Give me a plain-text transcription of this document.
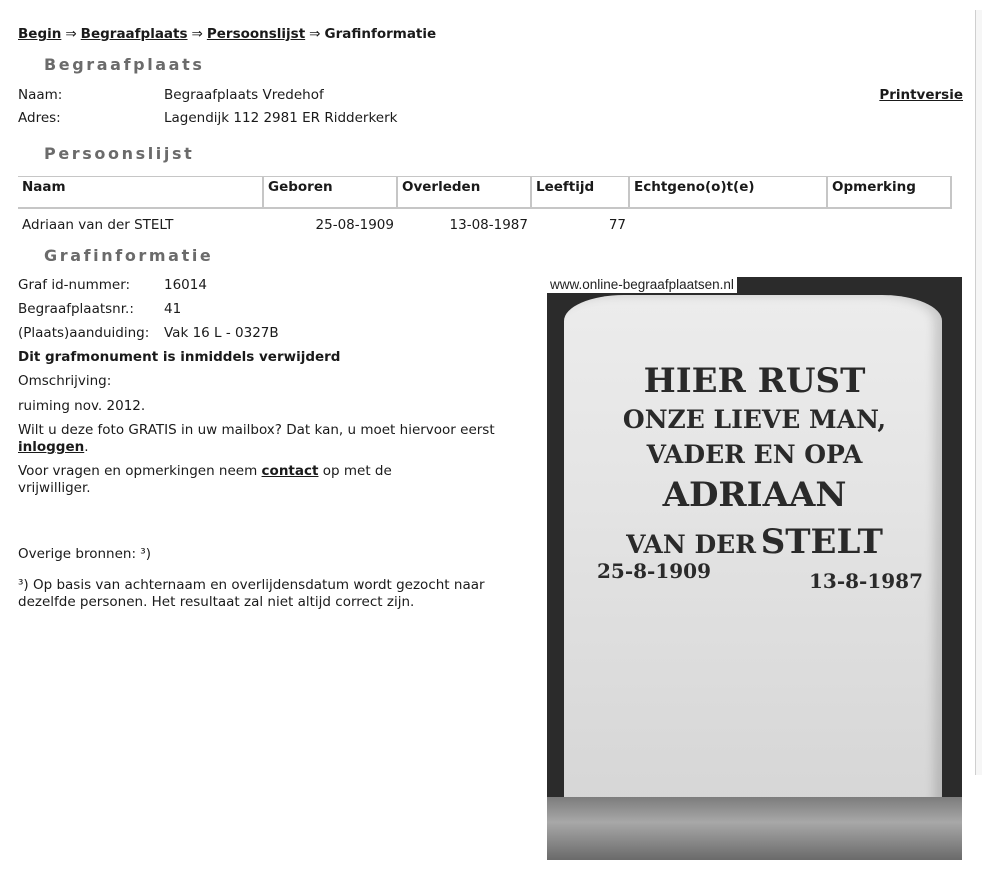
Begin ⇒ Begraafplaats ⇒ Persoonslijst ⇒ Grafinformatie
Begraafplaats
Naam:	Begraafplaats Vredehof	Printversie
Adres:	Lagendijk 112 2981 ER Ridderkerk
Persoonslijst
Naam	Geboren	Overleden	Leeftijd	Echtgeno(o)t(e)	Opmerking
Adriaan van der STELT	25-08-1909	13-08-1987	77		
Grafinformatie
Graf id-nummer:	16014
Begraafplaatsnr.: 41
(Plaats)aanduiding: Vak 16 L - 0327B
Dit grafmonument is inmiddels verwijderd
Omschrijving:
ruiming nov. 2012.
Wilt u deze foto GRATIS in uw mailbox? Dat kan, u moet hiervoor eerst inloggen.
Voor vragen en opmerkingen neem contact op met de vrijwilliger.
Overige bronnen: ³)
³) Op basis van achternaam en overlijdensdatum wordt gezocht naar dezelfde personen. Het resultaat zal niet altijd correct zijn.
www.online-begraafplaatsen.nl
HIER RUST
ONZE LIEVE MAN,
VADER EN OPA
ADRIAAN
VAN DER STELT
25-8-1909	13-8-1987
